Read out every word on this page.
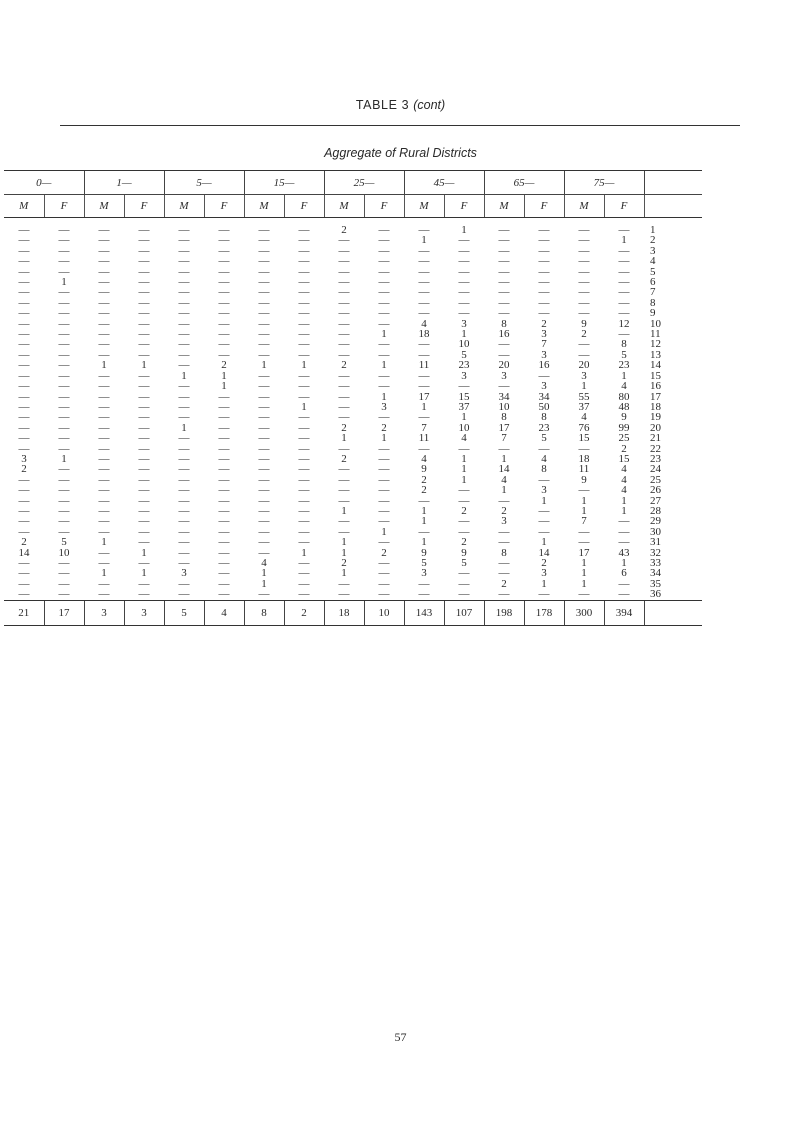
TABLE 3 (cont)
Aggregate of Rural Districts
0—		1—		5—		15—		25—		45—		65—		75—		
M	F	M	F	M	F	M	F	M	F	M	F	M	F	M	F	
—	—	—	—	—	—	—	—	2	—	—	1	—	—	—	—	1
—	—	—	—	—	—	—	—	—	—	1	—	—	—	—	1	2
—	—	—	—	—	—	—	—	—	—	—	—	—	—	—	—	3
—	—	—	—	—	—	—	—	—	—	—	—	—	—	—	—	4
—	—	—	—	—	—	—	—	—	—	—	—	—	—	—	—	5
—	1	—	—	—	—	—	—	—	—	—	—	—	—	—	—	6
—	—	—	—	—	—	—	—	—	—	—	—	—	—	—	—	7
—	—	—	—	—	—	—	—	—	—	—	—	—	—	—	—	8
—	—	—	—	—	—	—	—	—	—	—	—	—	—	—	—	9
—	—	—	—	—	—	—	—	—	—	4	3	8	2	9	12	10
—	—	—	—	—	—	—	—	—	1	18	1	16	3	2	—	11
—	—	—	—	—	—	—	—	—	—	—	10	—	7	—	8	12
—	—	—	—	—	—	—	—	—	—	—	5	—	3	—	5	13
—	—	1	1	—	2	1	1	2	1	11	23	20	16	20	23	14
—	—	—	—	1	1	—	—	—	—	—	3	3	—	3	1	15
—	—	—	—	—	1	—	—	—	—	—	—	—	3	1	4	16
—	—	—	—	—	—	—	—	—	1	17	15	34	34	55	80	17
—	—	—	—	—	—	—	1	—	3	1	37	10	50	37	48	18
—	—	—	—	—	—	—	—	—	—	—	1	8	8	4	9	19
—	—	—	—	1	—	—	—	2	2	7	10	17	23	76	99	20
—	—	—	—	—	—	—	—	1	1	11	4	7	5	15	25	21
—	—	—	—	—	—	—	—	—	—	—	—	—	—	—	2	22
3	1	—	—	—	—	—	—	2	—	4	1	1	4	18	15	23
2	—	—	—	—	—	—	—	—	—	9	1	14	8	11	4	24
—	—	—	—	—	—	—	—	—	—	2	1	4	—	9	4	25
—	—	—	—	—	—	—	—	—	—	2	—	1	3	—	4	26
—	—	—	—	—	—	—	—	—	—	—	—	—	1	1	1	27
—	—	—	—	—	—	—	—	1	—	1	2	2	—	1	1	28
—	—	—	—	—	—	—	—	—	—	1	—	3	—	7	—	29
—	—	—	—	—	—	—	—	—	1	—	—	—	—	—	—	30
2	5	1	—	—	—	—	—	1	—	1	2	—	1	—	—	31
14	10	—	1	—	—	—	1	1	2	9	9	8	14	17	43	32
—	—	—	—	—	—	4	—	2	—	5	5	—	2	1	1	33
—	—	1	1	3	—	1	—	1	—	3	—	—	3	1	6	34
—	—	—	—	—	—	1	—	—	—	—	—	2	1	1	—	35
—	—	—	—	—	—	—	—	—	—	—	—	—	—	—	—	36
21	17	3	3	5	4	8	2	18	10	143	107	198	178	300	394	
57
